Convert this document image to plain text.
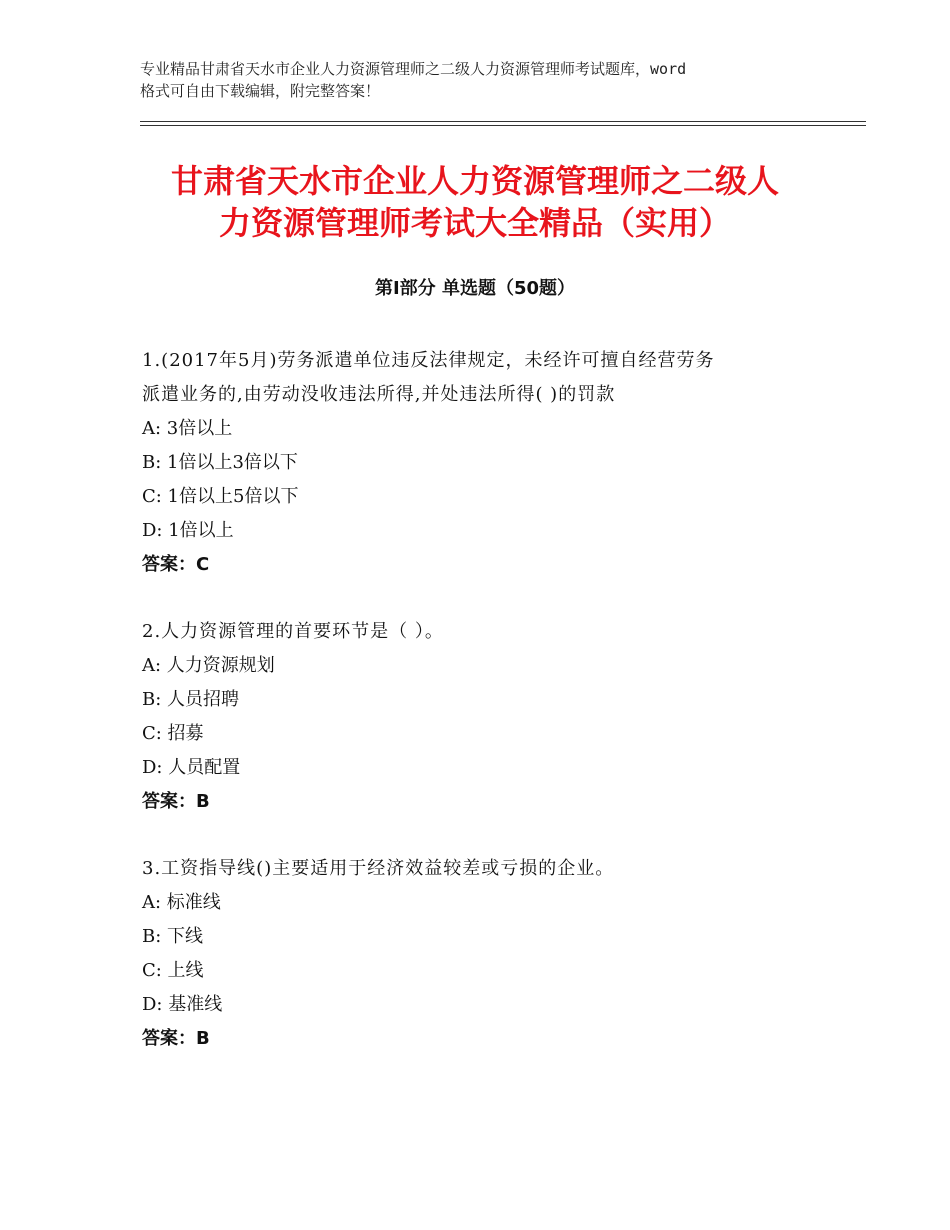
专业精品甘肃省天水市企业人力资源管理师之二级人力资源管理师考试题库，word
格式可自由下载编辑，附完整答案！
甘肃省天水市企业人力资源管理师之二级人
力资源管理师考试大全精品（实用）
第Ⅰ部分 单选题（50题）
1.(2017年5月)劳务派遣单位违反法律规定，未经许可擅自经营劳务
派遣业务的,由劳动没收违法所得,并处违法所得( )的罚款
A: 3倍以上
B: 1倍以上3倍以下
C: 1倍以上5倍以下
D: 1倍以上
答案：C
2.人力资源管理的首要环节是（ ）。
A: 人力资源规划
B: 人员招聘
C: 招募
D: 人员配置
答案：B
3.工资指导线()主要适用于经济效益较差或亏损的企业。
A: 标准线
B: 下线
C: 上线
D: 基准线
答案：B
